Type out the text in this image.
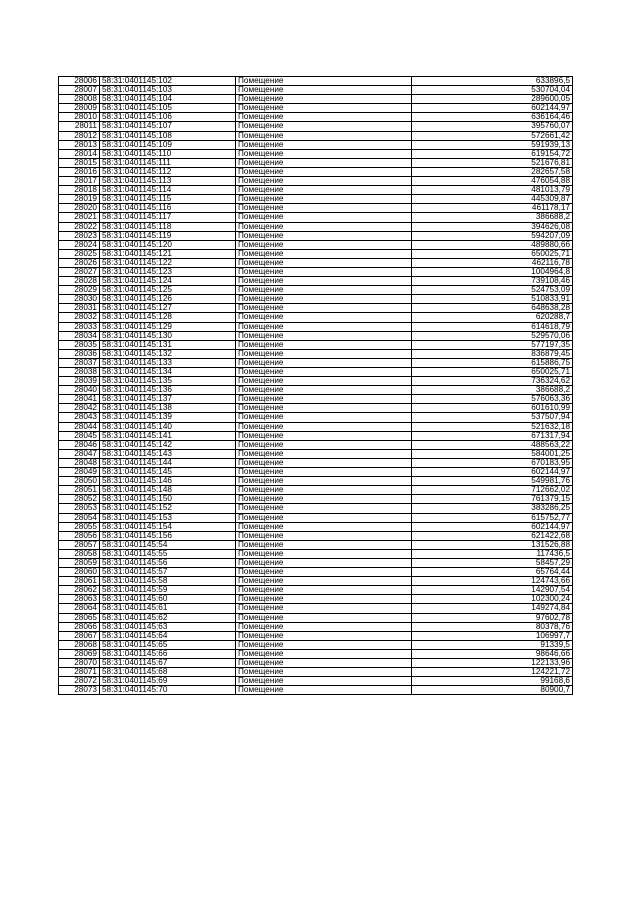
28006	58:31:0401145:102	Помещение	633896,5
28007	58:31:0401145:103	Помещение	530704,04
28008	58:31:0401145:104	Помещение	289600,05
28009	58:31:0401145:105	Помещение	602144,97
28010	58:31:0401145:106	Помещение	636164,46
28011	58:31:0401145:107	Помещение	395760,07
28012	58:31:0401145:108	Помещение	572661,42
28013	58:31:0401145:109	Помещение	591939,13
28014	58:31:0401145:110	Помещение	619154,72
28015	58:31:0401145:111	Помещение	521676,81
28016	58:31:0401145:112	Помещение	282657,58
28017	58:31:0401145:113	Помещение	476054,88
28018	58:31:0401145:114	Помещение	481013,79
28019	58:31:0401145:115	Помещение	445309,87
28020	58:31:0401145:116	Помещение	461178,17
28021	58:31:0401145:117	Помещение	386688,2
28022	58:31:0401145:118	Помещение	394626,08
28023	58:31:0401145:119	Помещение	594207,09
28024	58:31:0401145:120	Помещение	489880,66
28025	58:31:0401145:121	Помещение	650025,71
28026	58:31:0401145:122	Помещение	462116,78
28027	58:31:0401145:123	Помещение	1004964,8
28028	58:31:0401145:124	Помещение	739108,46
28029	58:31:0401145:125	Помещение	524753,09
28030	58:31:0401145:126	Помещение	510833,91
28031	58:31:0401145:127	Помещение	648638,28
28032	58:31:0401145:128	Помещение	620288,7
28033	58:31:0401145:129	Помещение	614618,79
28034	58:31:0401145:130	Помещение	529570,06
28035	58:31:0401145:131	Помещение	577197,35
28036	58:31:0401145:132	Помещение	836879,45
28037	58:31:0401145:133	Помещение	615886,75
28038	58:31:0401145:134	Помещение	650025,71
28039	58:31:0401145:135	Помещение	736324,62
28040	58:31:0401145:136	Помещение	386688,2
28041	58:31:0401145:137	Помещение	576063,36
28042	58:31:0401145:138	Помещение	601610,99
28043	58:31:0401145:139	Помещение	537507,94
28044	58:31:0401145:140	Помещение	521632,18
28045	58:31:0401145:141	Помещение	671317,94
28046	58:31:0401145:142	Помещение	488563,22
28047	58:31:0401145:143	Помещение	584001,25
28048	58:31:0401145:144	Помещение	670183,95
28049	58:31:0401145:145	Помещение	602144,97
28050	58:31:0401145:146	Помещение	549981,76
28051	58:31:0401145:148	Помещение	712662,02
28052	58:31:0401145:150	Помещение	761379,15
28053	58:31:0401145:152	Помещение	383286,25
28054	58:31:0401145:153	Помещение	615752,77
28055	58:31:0401145:154	Помещение	602144,97
28056	58:31:0401145:156	Помещение	621422,68
28057	58:31:0401145:54	Помещение	131526,88
28058	58:31:0401145:55	Помещение	117436,5
28059	58:31:0401145:56	Помещение	58457,29
28060	58:31:0401145:57	Помещение	65764,44
28061	58:31:0401145:58	Помещение	124743,66
28062	58:31:0401145:59	Помещение	142907,54
28063	58:31:0401145:60	Помещение	102300,24
28064	58:31:0401145:61	Помещение	149274,84
28065	58:31:0401145:62	Помещение	97602,78
28066	58:31:0401145:63	Помещение	80378,76
28067	58:31:0401145:64	Помещение	106997,7
28068	58:31:0401145:65	Помещение	91339,5
28069	58:31:0401145:66	Помещение	98646,66
28070	58:31:0401145:67	Помещение	122133,96
28071	58:31:0401145:68	Помещение	124221,72
28072	58:31:0401145:69	Помещение	99168,6
28073	58:31:0401145:70	Помещение	80900,7
